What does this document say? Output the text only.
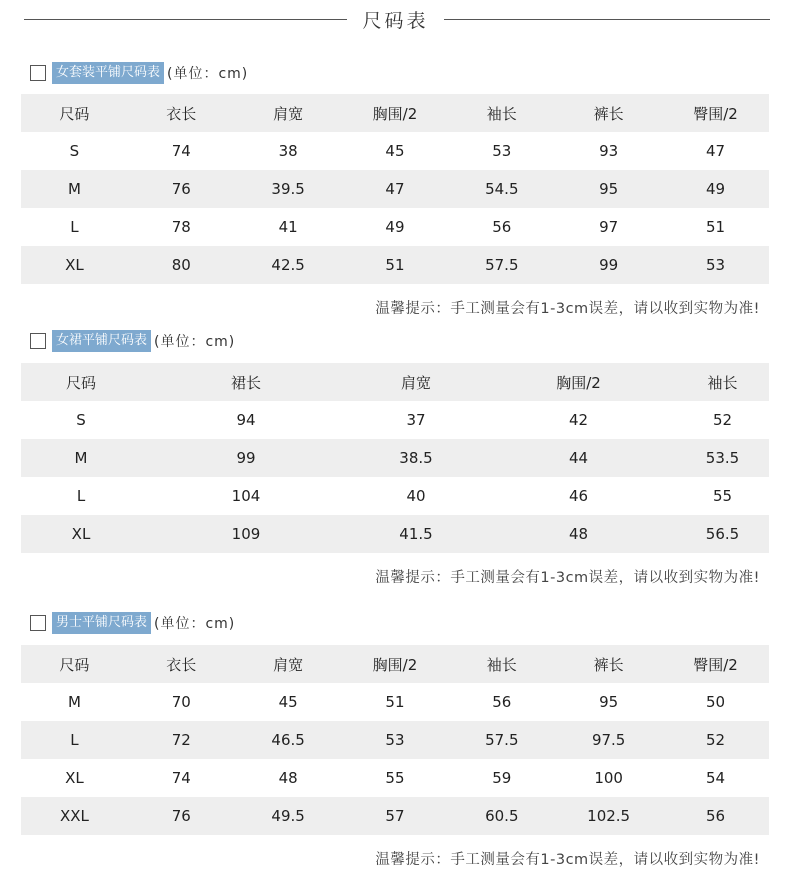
尺码表
女套装平铺尺码表 (单位：cm)
尺码	衣长	肩宽	胸围/2	袖长	裤长	臀围/2
S	74	38	45	53	93	47
M	76	39.5	47	54.5	95	49
L	78	41	49	56	97	51
XL	80	42.5	51	57.5	99	53
温馨提示：手工测量会有1-3cm误差，请以收到实物为准!
女裙平铺尺码表 (单位：cm)
尺码	裙长	肩宽	胸围/2	袖长
S	94	37	42	52
M	99	38.5	44	53.5
L	104	40	46	55
XL	109	41.5	48	56.5
温馨提示：手工测量会有1-3cm误差，请以收到实物为准!
男士平铺尺码表 (单位：cm)
尺码	衣长	肩宽	胸围/2	袖长	裤长	臀围/2
M	70	45	51	56	95	50
L	72	46.5	53	57.5	97.5	52
XL	74	48	55	59	100	54
XXL	76	49.5	57	60.5	102.5	56
温馨提示：手工测量会有1-3cm误差，请以收到实物为准!
